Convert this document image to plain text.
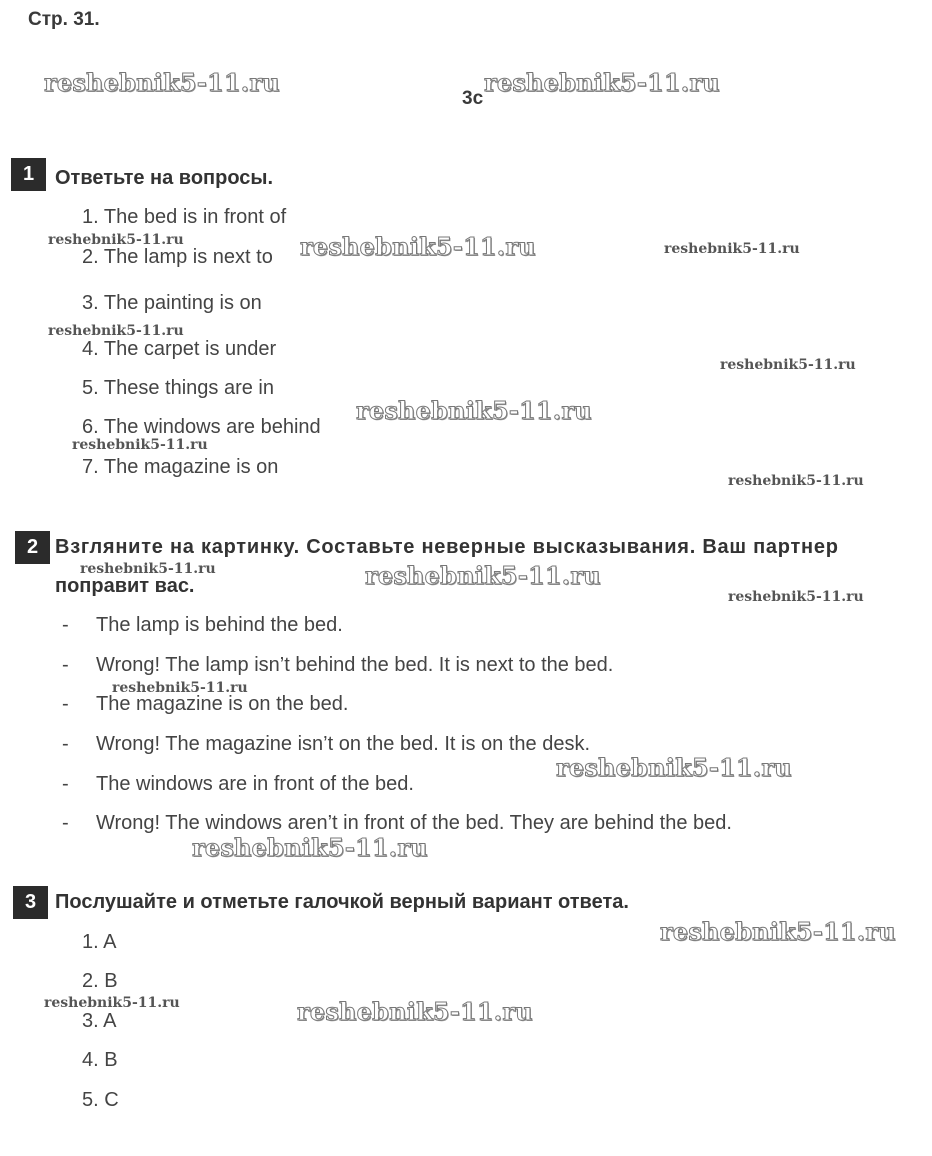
Стр. 31.
3c
1	Ответьте на вопросы.
1. The bed is in front of
2. The lamp is next to
3. The painting is on
4. The carpet is under
5. These things are in
6. The windows are behind
7. The magazine is on
2 Взгляните на картинку. Составьте неверные высказывания. Ваш партнер
поправит вас.
- The lamp is behind the bed.
- Wrong! The lamp isn’t behind the bed. It is next to the bed.
- The magazine is on the bed.
- Wrong! The magazine isn’t on the bed. It is on the desk.
- The windows are in front of the bed.
- Wrong! The windows aren’t in front of the bed. They are behind the bed.
3 Послушайте и отметьте галочкой верный вариант ответа.
1. A
2. B
3. A
4. B
5. C
reshebnik5-11.ru	reshebnik5-11.ru
reshebnik5-11.ru
reshebnik5-11.ru
reshebnik5-11.ru
reshebnik5-11.ru
reshebnik5-11.ru
reshebnik5-11.ru
reshebnik5-11.ru
reshebnik5-11.ru
reshebnik5-11.ru
reshebnik5-11.ru
reshebnik5-11.ru
reshebnik5-11.ru
reshebnik5-11.ru
reshebnik5-11.ru
reshebnik5-11.ru
reshebnik5-11.ru
reshebnik5-11.ru
